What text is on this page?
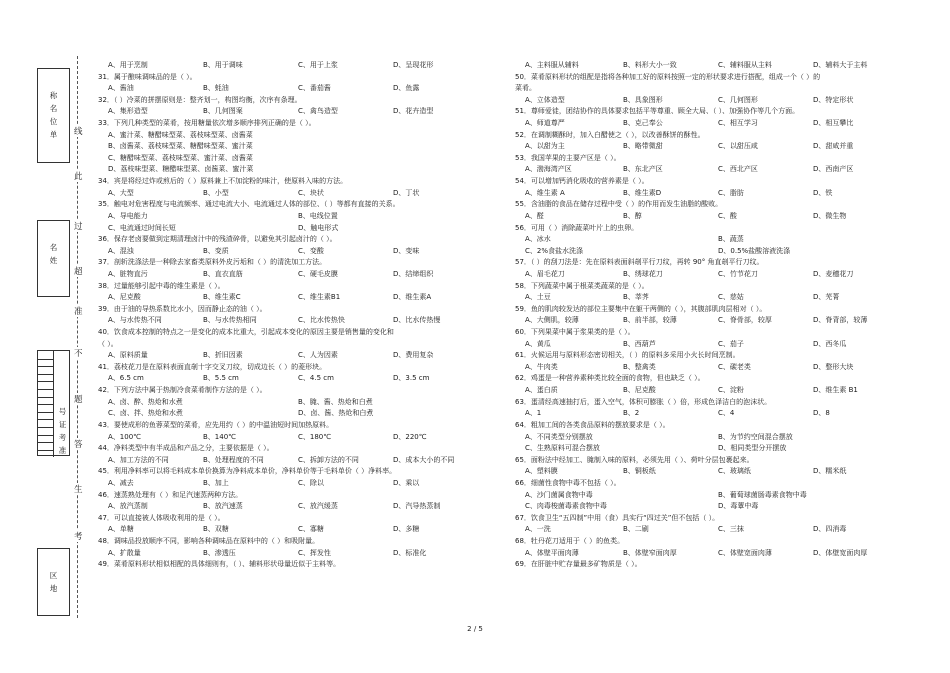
称
名
位
单
名
姓
号
证
考
准
区
地
线
此
过
超
准
不
题
答
生
考
A、用于烹制	B、用于调味	C、用于上浆	D、呈现花形
31．属于酿味调味品的是（ ）。
A、酱油	B、蚝油	C、番茄酱	D、鱼露
32．（ ）冷菜的拼摆原则是：整齐划一，构图均衡，次序有条理。
A、集形造型	B、几何图案	C、禽鸟造型	D、花卉造型
33．下列几种类型的菜肴，按用糖量依次增多顺序排列正确的是（ ）。
A、蜜汁菜、糖醋味型菜、荔枝味型菜、卤酱菜
B、卤酱菜、荔枝味型菜、糖醋味型菜、蜜汁菜
C、糖醋味型菜、荔枝味型菜、蜜汁菜、卤酱菜
D、荔枝味型菜、糖醋味型菜、卤酱菜、蜜汁菜
34．宾是将经过炸或煎后的（ ）原料兼上不加淀粉的味汁，使原料入味的方法。
A、大型	B、小型	C、块状	D、丁状
35．触电对危害程度与电流频率、通过电流大小、电流通过人体的部位、（ ）等都有直接的关系。
A、导电能力	B、电线位置
C、电流通过时间长短	D、触电形式
36．保存老卤要做到定期清理卤汁中的残渣碎骨，以避免其引起卤汁的（ ）。
A、混浊	B、变质	C、变酸	D、变味
37．剖斩洗涤法是一种除去家畜类原料外皮污垢和（ ）的清洗加工方法。
A、脏物直污	B、直衣直筋	C、硬毛皮膜	D、结缔组织
38．过量能够引起中毒的维生素是（ ）。
A、尼克酸	B、维生素C	C、维生素B1	D、维生素A
39．由于油的导热系数比水小，因而静止态的油（ ）。
A、与水传热不同	B、与水传热相同	C、比水传热快	D、比水传热慢
40．饮食成本控制的特点之一是变化的成本比重大，引起成本变化的原因主要是销售量的变化和
（ ）。
A、原料质量	B、折旧因素	C、人为因素	D、费用复杂
41．荔枝花刀是在原料表面直剞十字交叉刀纹，切成边长（ ）的菱形块。
A、6.5 cm	B、5.5 cm	C、4.5 cm	D、3.5 cm
42．下列方法中属于热制冷食菜肴制作方法的是（ ）。
A、卤、醉、热炝和水煮	B、腌、酱、热炝和白煮
C、卤、拌、热炝和水煮	D、卤、酱、热炝和白煮
43．要使成形的鱼蓉菜型的菜肴，应先用约（ ）的中温油短时间加热原料。
A、100℃	B、140℃	C、180℃	D、220℃
44．净料类型中有半成品和产品之分，主要依据是（ ）。
A、加工方法的不同	B、处理程度的不同	C、拆卸方法的不同	D、成本大小的不同
45．利用净料率可以将毛料成本单价换算为净料成本单价，净料单价等于毛料单价（ ）净料率。
A、减去	B、加上	C、除以	D、乘以
46．速蒸熟处理有（ ）和足汽速蒸两种方法。
A、放汽蒸制	B、放汽速蒸	C、放汽缓蒸	D、汽导热蒸制
47．可以直接被人体吸收利用的是（ ）。
A、单糖	B、双糖	C、寡糖	D、多糖
48．调味品投放顺序不同，影响各种调味品在原料中的（ ）和吸附量。
A、扩散量	B、渗透压	C、挥发性	D、标准化
49．菜肴原料形状相似相配的具体细则有，（ ）、辅料形状母量近似于主料等。
A、主料服从辅料	B、料形大小一致	C、辅料服从主料	D、辅料大于主料
50．菜肴原料形状的组配是指将各种加工好的原料按照一定的形状要求进行搭配，组成一个（ ）的
菜肴。
A、立体造型	B、具象图形	C、几何图形	D、特定形状
51．尊师爱徒，团结协作的具体要求包括平等尊重、顾全大局、（ ）、加强协作等几个方面。
A、师道尊严	B、克己奉公	C、相互学习	D、相互攀比
52．在调制糊酥时，加入白醋使之（ ），以改善酥饼的酥性。
A、以甜为主	B、略带微甜	C、以甜压咸	D、甜咸并重
53．我国苹果的主要产区是（ ）。
A、渤海湾产区	B、东北产区	C、西北产区	D、西南产区
54．可以增加钙消化吸收的营养素是（ ）。
A、维生素 A	B、维生素D	C、脂肪	D、铁
55．含油脂的食品在储存过程中受（ ）的作用而发生油脂的酸败。
A、醛	B、醇	C、酸	D、微生物
56．可用（ ）消除蔬菜叶片上的虫卵。
A、冰水	B、蔬蒸
C、2%食盐水洗涤	D、0.5%盐酸溶液洗涤
57．（ ）的刮刀法是：先在原料表面斜剞平行刀纹，再转 90° 角直剞平行刀纹。
A、眉毛花刀	B、绣球花刀	C、竹节花刀	D、麦穗花刀
58．下列蔬菜中属于根菜类蔬菜的是（ ）。
A、土豆	B、莘荠	C、慈姑	D、芜菁
59．鱼的肌肉较发达的部位主要集中在躯干两侧的（ ），其腹部肌肉层相对（ ）。
A、大侧肌，较薄	B、前半部，较薄	C、脊骨部，较厚	D、脊背部，较薄
60．下列果菜中属于浆果类的是（ ）。
A、黄瓜	B、西葫芦	C、茄子	D、西冬瓜
61．火候运用与原料形态密切相关，（ ）的原料多采用小火长时间烹制。
A、牛肉类	B、整禽类	C、碳老类	D、整形大块
62．鸡蛋是一种营养素种类比较全面的食物，但也缺乏（ ）。
A、蛋白质	B、尼克酸	C、淀粉	D、维生素 B1
63．蛋清经高速抽打后，蛋入空气，体积可膨胀（ ）倍，形成色泽洁白的泡沫状。
A、1	B、2	C、4	D、8
64．粗加工间的各类食品原料的摆放要求是（ ）。
A、不同类型分别摆放	B、为节约空间混合摆放
C、生熟原料可混合摆放	D、相同类型分开摆放
65．面粉法中经加工、腌制入味的原料，必须先用（ ）、荷叶分层包裹起来。
A、塑料膜	B、铜板纸	C、玻璃纸	D、糯米纸
66．细菌性食物中毒不包括（ ）。
A、沙门菌属食物中毒	B、葡萄球菌肠毒素食物中毒
C、肉毒梭菌毒素食物中毒	D、毒蕈中毒
67．饮食卫生“五四制”中用（食）具实行“四过关”但不包括（ ）。
A、一洗	B、二刷	C、三抹	D、四消毒
68．牡丹花刀适用于（ ）的鱼类。
A、体壁平面肉薄	B、体壁窄面肉厚	C、体壁宽面肉薄	D、体壁宽面肉厚
69．在肝脏中贮存量最多矿物质是（ ）。
2 / 5
